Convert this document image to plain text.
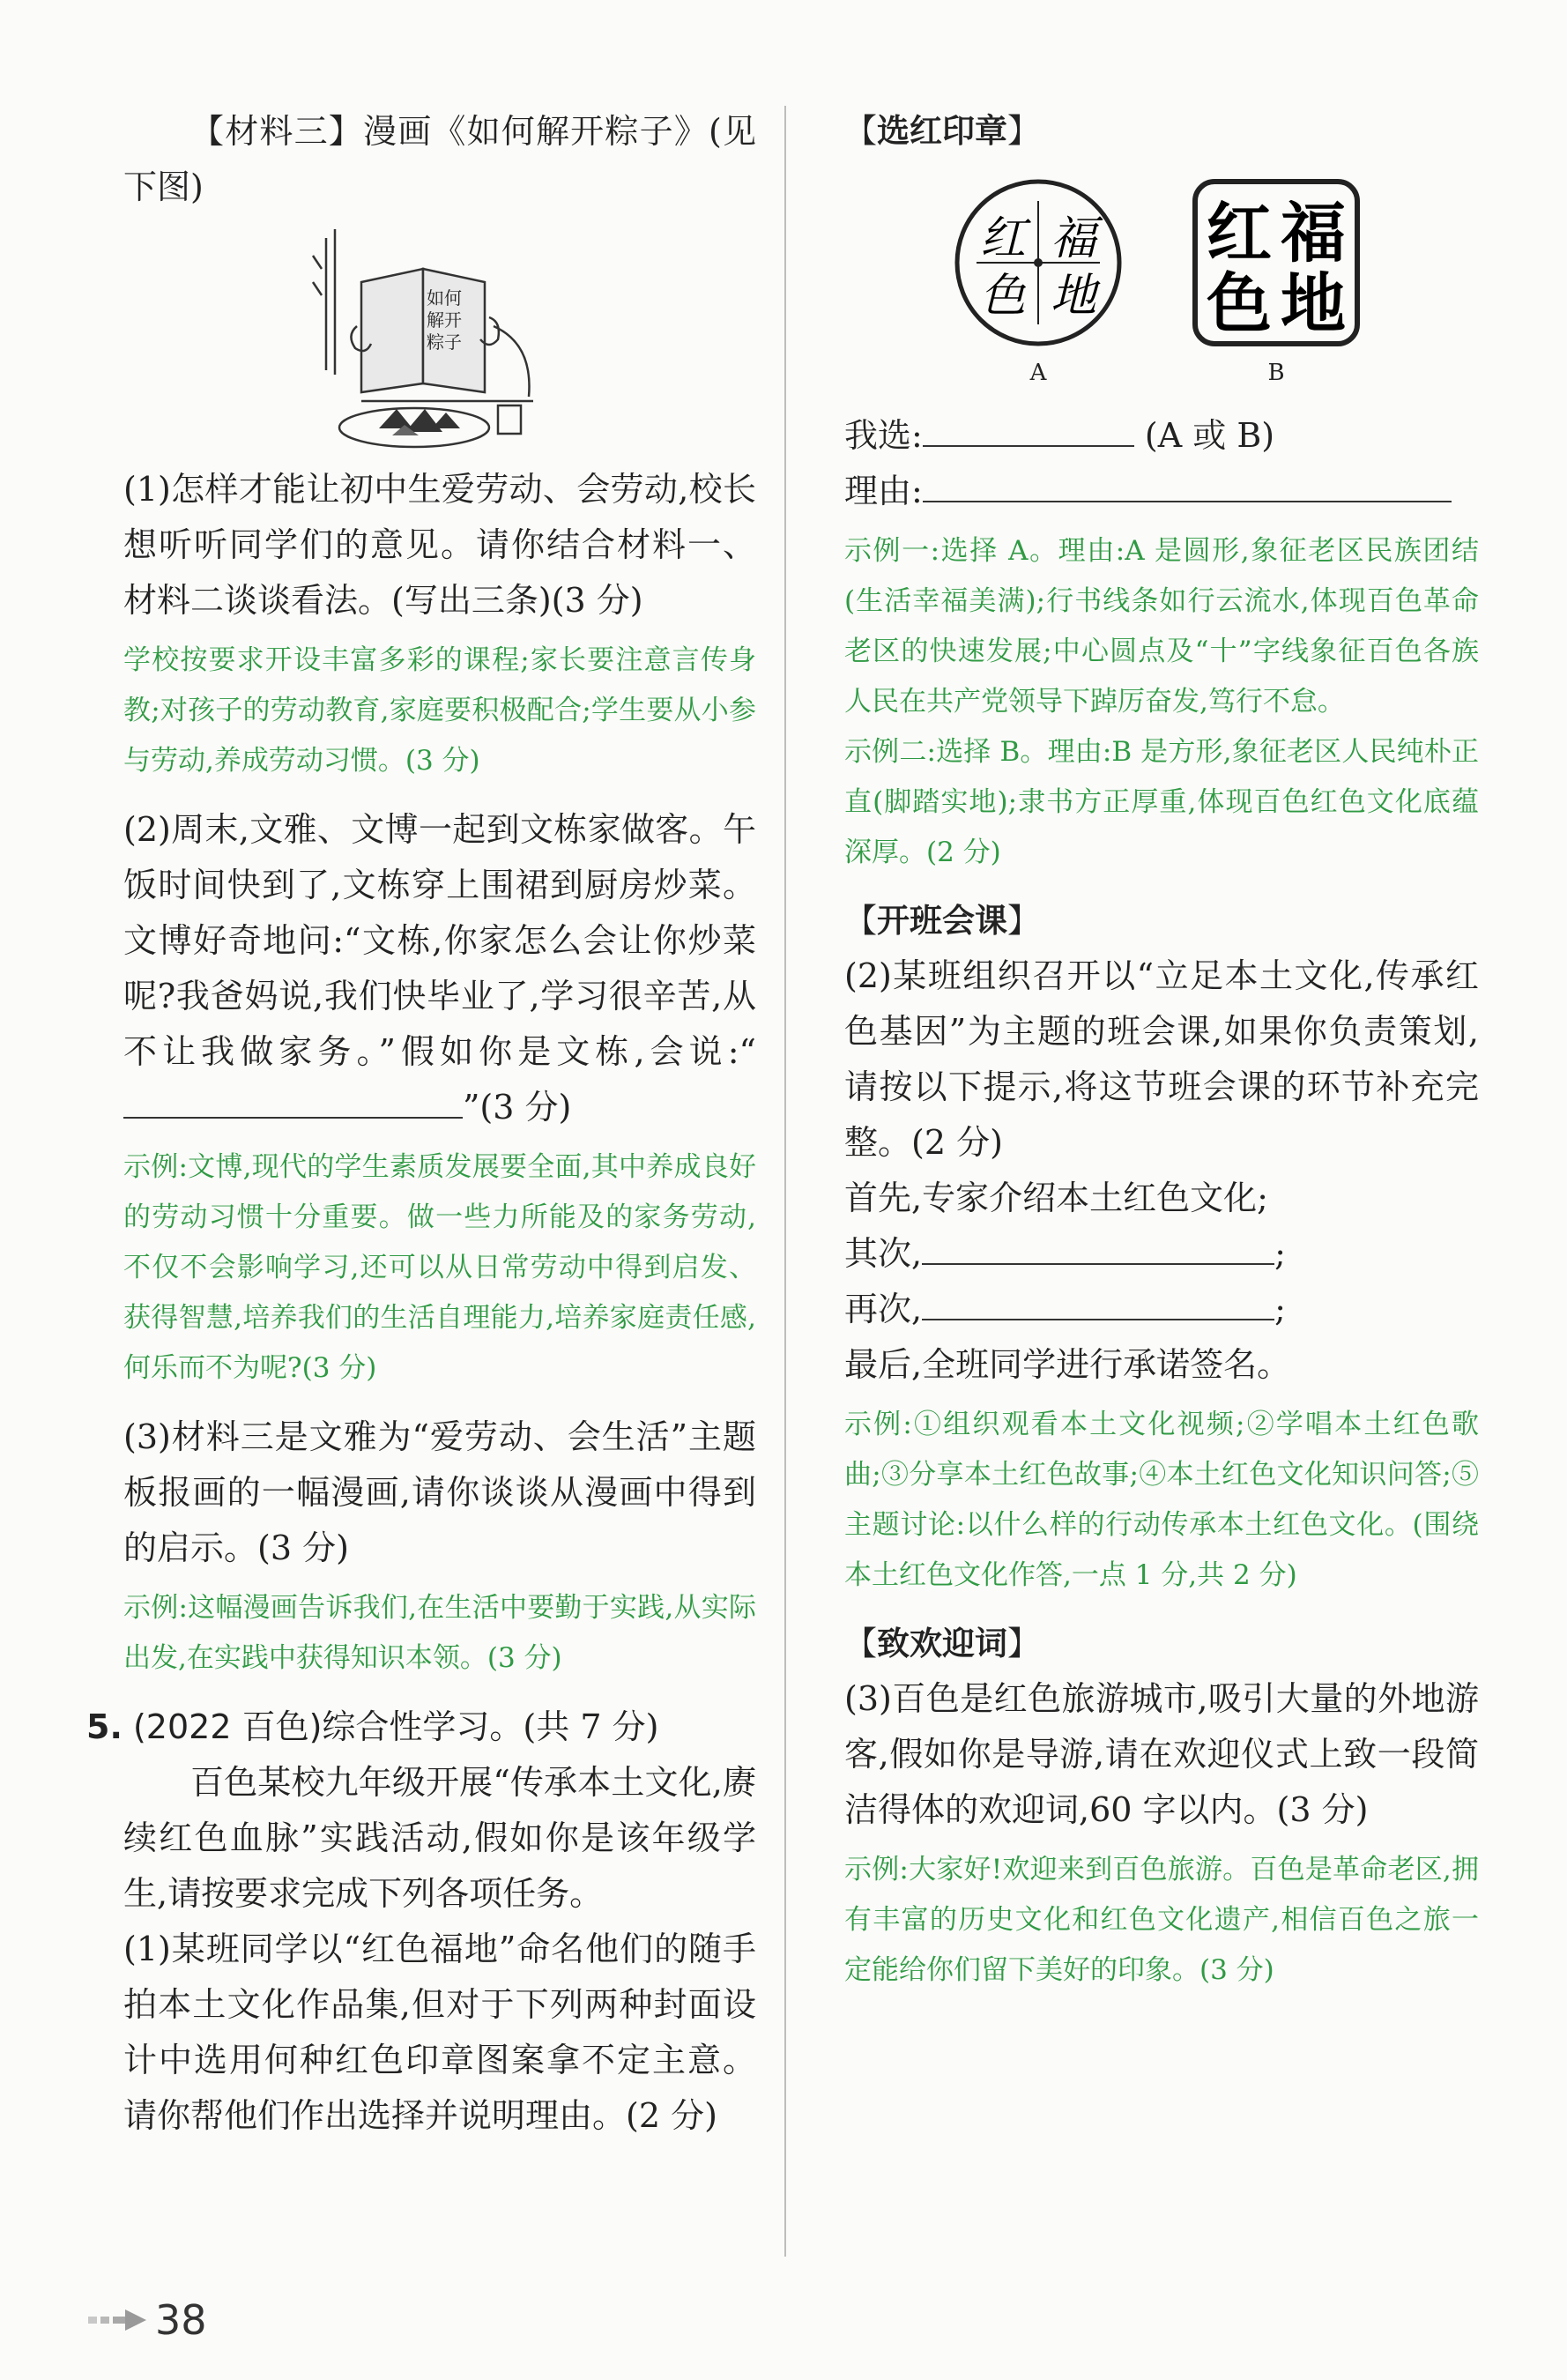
【材料三】漫画《如何解开粽子》(见下图)

如何
解开
粽子

(1)怎样才能让初中生爱劳动、会劳动,校长想听听同学们的意见。请你结合材料一、材料二谈谈看法。(写出三条)(3 分)

学校按要求开设丰富多彩的课程;家长要注意言传身教;对孩子的劳动教育,家庭要积极配合;学生要从小参与劳动,养成劳动习惯。(3 分)

(2)周末,文雅、文博一起到文栋家做客。午饭时间快到了,文栋穿上围裙到厨房炒菜。文博好奇地问:“文栋,你家怎么会让你炒菜呢?我爸妈说,我们快毕业了,学习很辛苦,从不让我做家务。”假如你是文栋,会说:“”(3 分)

示例:文博,现代的学生素质发展要全面,其中养成良好的劳动习惯十分重要。做一些力所能及的家务劳动,不仅不会影响学习,还可以从日常劳动中得到启发、获得智慧,培养我们的生活自理能力,培养家庭责任感,何乐而不为呢?(3 分)

(3)材料三是文雅为“爱劳动、会生活”主题板报画的一幅漫画,请你谈谈从漫画中得到的启示。(3 分)

示例:这幅漫画告诉我们,在生活中要勤于实践,从实际出发,在实践中获得知识本领。(3 分)

5. (2022 百色)综合性学习。(共 7 分)

百色某校九年级开展“传承本土文化,赓续红色血脉”实践活动,假如你是该年级学生,请按要求完成下列各项任务。

(1)某班同学以“红色福地”命名他们的随手拍本土文化作品集,但对于下列两种封面设计中选用何种红色印章图案拿不定主意。请你帮他们作出选择并说明理由。(2 分)

【选红印章】

红 福
色 地
A
红 福
色 地
B

我选:	(A 或 B)

理由:

示例一:选择 A。理由:A 是圆形,象征老区民族团结(生活幸福美满);行书线条如行云流水,体现百色革命老区的快速发展;中心圆点及“十”字线象征百色各族人民在共产党领导下踔厉奋发,笃行不怠。

示例二:选择 B。理由:B 是方形,象征老区人民纯朴正直(脚踏实地);隶书方正厚重,体现百色红色文化底蕴深厚。(2 分)

【开班会课】

(2)某班组织召开以“立足本土文化,传承红色基因”为主题的班会课,如果你负责策划,请按以下提示,将这节班会课的环节补充完整。(2 分)

首先,专家介绍本土红色文化;

其次,	;

再次,	;

最后,全班同学进行承诺签名。

示例:①组织观看本土文化视频;②学唱本土红色歌曲;③分享本土红色故事;④本土红色文化知识问答;⑤主题讨论:以什么样的行动传承本土红色文化。(围绕本土红色文化作答,一点 1 分,共 2 分)

【致欢迎词】

(3)百色是红色旅游城市,吸引大量的外地游客,假如你是导游,请在欢迎仪式上致一段简洁得体的欢迎词,60 字以内。(3 分)

示例:大家好!欢迎来到百色旅游。百色是革命老区,拥有丰富的历史文化和红色文化遗产,相信百色之旅一定能给你们留下美好的印象。(3 分)

38
